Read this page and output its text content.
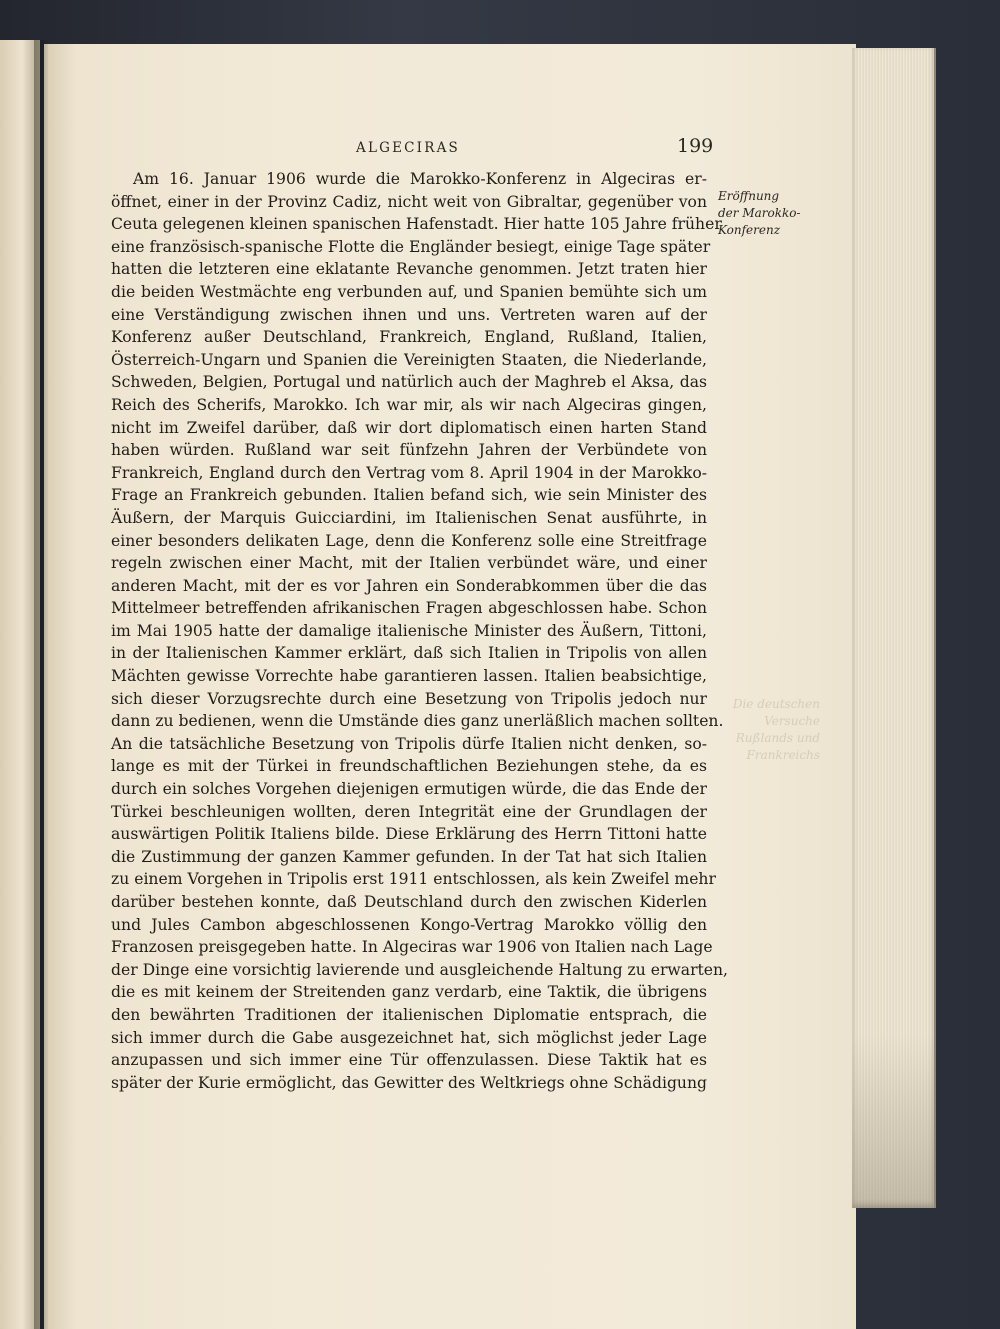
ALGECIRAS	199
Am 16. Januar 1906 wurde die Marokko-Konferenz in Algeciras er-
öffnet, einer in der Provinz Cadiz, nicht weit von Gibraltar, gegenüber von
Ceuta gelegenen kleinen spanischen Hafenstadt. Hier hatte 105 Jahre früher
eine französisch-spanische Flotte die Engländer besiegt, einige Tage später
hatten die letzteren eine eklatante Revanche genommen. Jetzt traten hier
die beiden Westmächte eng verbunden auf, und Spanien bemühte sich um
eine Verständigung zwischen ihnen und uns. Vertreten waren auf der
Konferenz außer Deutschland, Frankreich, England, Rußland, Italien,
Österreich-Ungarn und Spanien die Vereinigten Staaten, die Niederlande,
Schweden, Belgien, Portugal und natürlich auch der Maghreb el Aksa, das
Reich des Scherifs, Marokko. Ich war mir, als wir nach Algeciras gingen,
nicht im Zweifel darüber, daß wir dort diplomatisch einen harten Stand
haben würden. Rußland war seit fünfzehn Jahren der Verbündete von
Frankreich, England durch den Vertrag vom 8. April 1904 in der Marokko-
Frage an Frankreich gebunden. Italien befand sich, wie sein Minister des
Äußern, der Marquis Guicciardini, im Italienischen Senat ausführte, in
einer besonders delikaten Lage, denn die Konferenz solle eine Streitfrage
regeln zwischen einer Macht, mit der Italien verbündet wäre, und einer
anderen Macht, mit der es vor Jahren ein Sonderabkommen über die das
Mittelmeer betreffenden afrikanischen Fragen abgeschlossen habe. Schon
im Mai 1905 hatte der damalige italienische Minister des Äußern, Tittoni,
in der Italienischen Kammer erklärt, daß sich Italien in Tripolis von allen
Mächten gewisse Vorrechte habe garantieren lassen. Italien beabsichtige,
sich dieser Vorzugsrechte durch eine Besetzung von Tripolis jedoch nur
dann zu bedienen, wenn die Umstände dies ganz unerläßlich machen sollten.
An die tatsächliche Besetzung von Tripolis dürfe Italien nicht denken, so-
lange es mit der Türkei in freundschaftlichen Beziehungen stehe, da es
durch ein solches Vorgehen diejenigen ermutigen würde, die das Ende der
Türkei beschleunigen wollten, deren Integrität eine der Grundlagen der
auswärtigen Politik Italiens bilde. Diese Erklärung des Herrn Tittoni hatte
die Zustimmung der ganzen Kammer gefunden. In der Tat hat sich Italien
zu einem Vorgehen in Tripolis erst 1911 entschlossen, als kein Zweifel mehr
darüber bestehen konnte, daß Deutschland durch den zwischen Kiderlen
und Jules Cambon abgeschlossenen Kongo-Vertrag Marokko völlig den
Franzosen preisgegeben hatte. In Algeciras war 1906 von Italien nach Lage
der Dinge eine vorsichtig lavierende und ausgleichende Haltung zu erwarten,
die es mit keinem der Streitenden ganz verdarb, eine Taktik, die übrigens
den bewährten Traditionen der italienischen Diplomatie entsprach, die
sich immer durch die Gabe ausgezeichnet hat, sich möglichst jeder Lage
anzupassen und sich immer eine Tür offenzulassen. Diese Taktik hat es
später der Kurie ermöglicht, das Gewitter des Weltkriegs ohne Schädigung
Eröffnung
der Marokko-
Konferenz
Die deutschen
Versuche
Rußlands und
Frankreichs
